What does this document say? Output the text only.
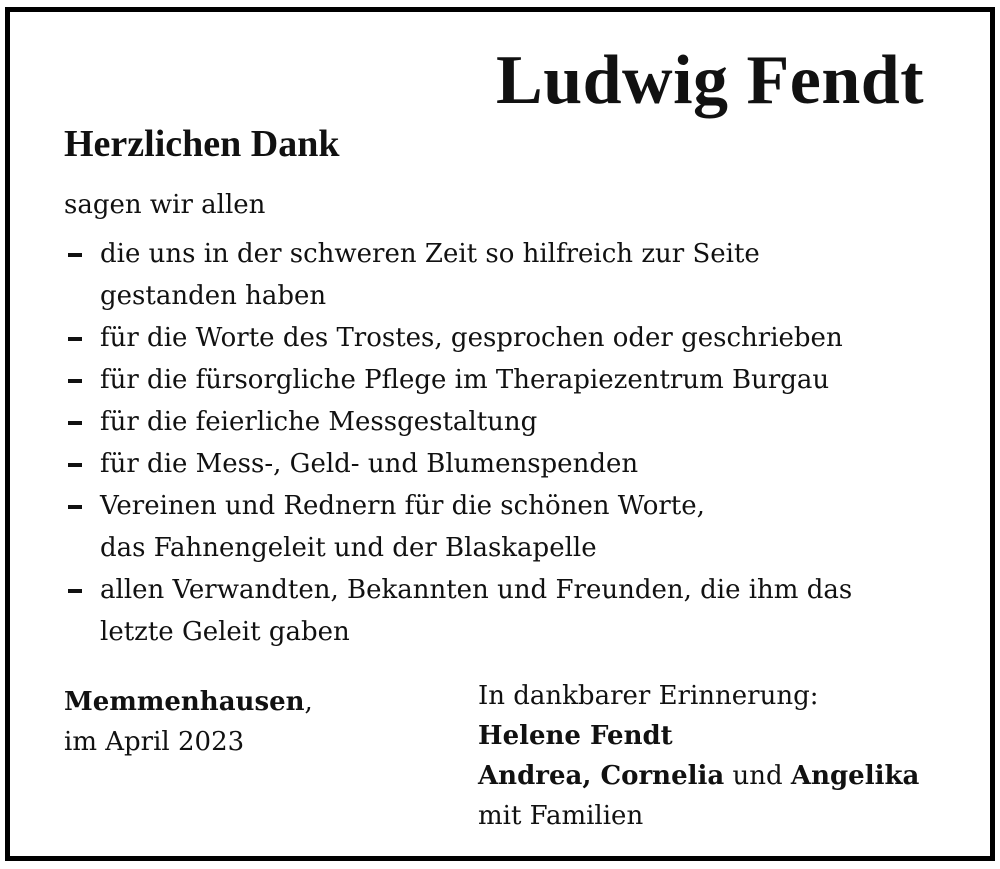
Ludwig Fendt
Herzlichen Dank
sagen wir allen
die uns in der schweren Zeit so hilfreich zur Seite
gestanden haben
für die Worte des Trostes, gesprochen oder geschrieben
für die fürsorgliche Pflege im Therapiezentrum Burgau
für die feierliche Messgestaltung
für die Mess-, Geld- und Blumenspenden
Vereinen und Rednern für die schönen Worte,
das Fahnengeleit und der Blaskapelle
allen Verwandten, Bekannten und Freunden, die ihm das
letzte Geleit gaben
Memmenhausen,
im April 2023
In dankbarer Erinnerung:
Helene Fendt
Andrea, Cornelia und Angelika
mit Familien
